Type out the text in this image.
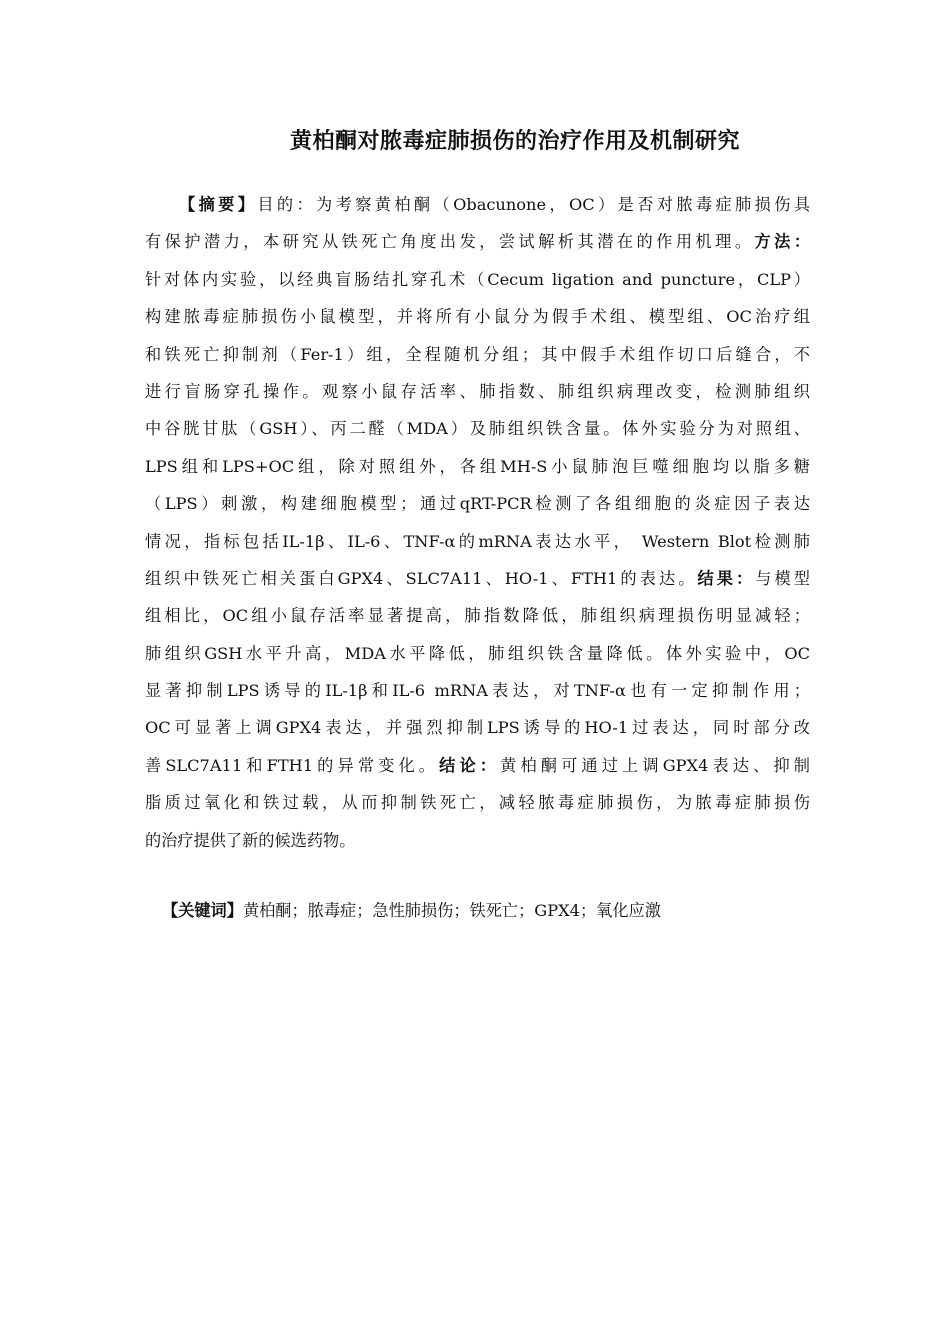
黄柏酮对脓毒症肺损伤的治疗作用及机制研究
【摘要】目的：为考察黄柏酮（Obacunone，OC）是否对脓毒症肺损伤具
有保护潜力，本研究从铁死亡角度出发，尝试解析其潜在的作用机理。方法：
针对体内实验，以经典盲肠结扎穿孔术（Cecum ligation and puncture，CLP）
构建脓毒症肺损伤小鼠模型，并将所有小鼠分为假手术组、模型组、OC治疗组
和铁死亡抑制剂（Fer-1）组，全程随机分组；其中假手术组作切口后缝合，不
进行盲肠穿孔操作。观察小鼠存活率、肺指数、肺组织病理改变，检测肺组织
中谷胱甘肽（GSH）、丙二醛（MDA）及肺组织铁含量。体外实验分为对照组、
LPS组和LPS+OC组，除对照组外，各组MH-S小鼠肺泡巨噬细胞均以脂多糖
（LPS）刺激，构建细胞模型；通过qRT-PCR检测了各组细胞的炎症因子表达
情况，指标包括IL-1β、IL-6、TNF-α的mRNA表达水平， Western Blot检测肺
组织中铁死亡相关蛋白GPX4、SLC7A11、HO-1、FTH1的表达。结果：与模型
组相比，OC组小鼠存活率显著提高，肺指数降低，肺组织病理损伤明显减轻；
肺组织GSH水平升高，MDA水平降低，肺组织铁含量降低。体外实验中，OC
显著抑制LPS诱导的IL-1β和IL-6 mRNA表达，对TNF-α也有一定抑制作用；
OC可显著上调GPX4表达，并强烈抑制LPS诱导的HO-1过表达，同时部分改
善SLC7A11和FTH1的异常变化。结论：黄柏酮可通过上调GPX4表达、抑制
脂质过氧化和铁过载，从而抑制铁死亡，减轻脓毒症肺损伤，为脓毒症肺损伤
的治疗提供了新的候选药物。
【关键词】黄柏酮；脓毒症；急性肺损伤；铁死亡；GPX4；氧化应激
